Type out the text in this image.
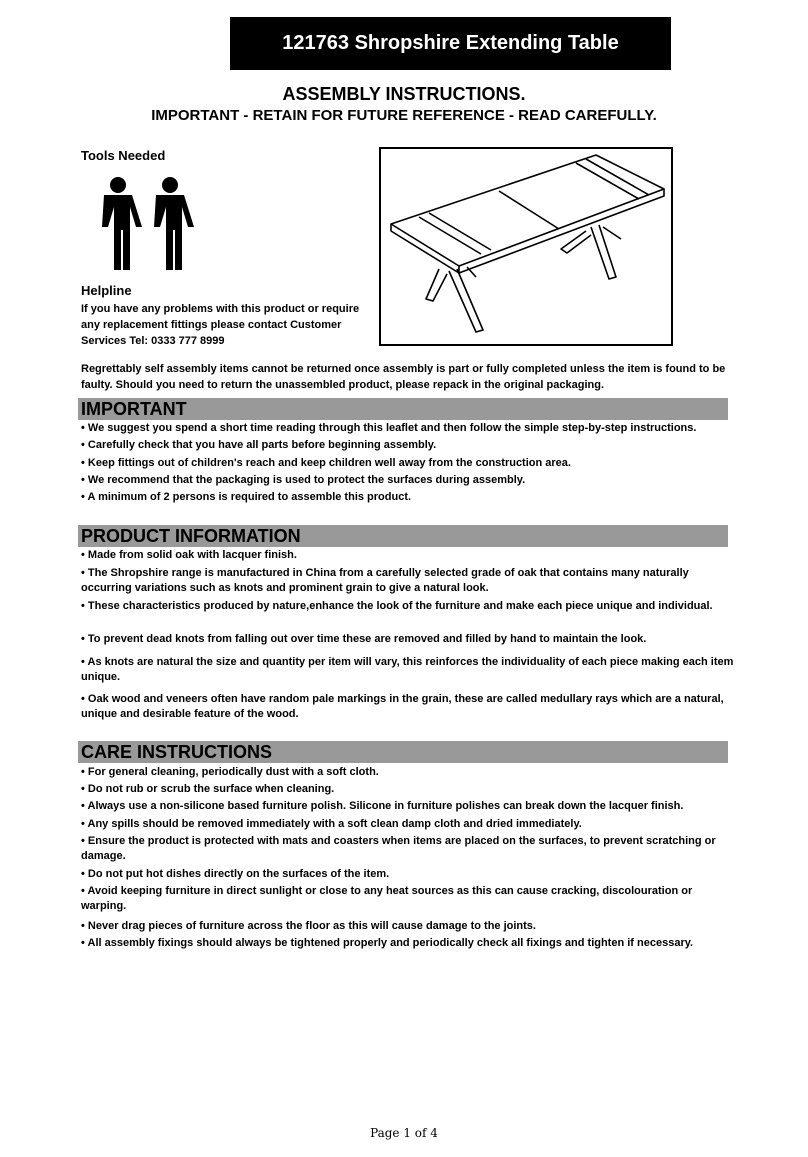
121763 Shropshire Extending Table
ASSEMBLY INSTRUCTIONS.
IMPORTANT - RETAIN FOR FUTURE REFERENCE - READ CAREFULLY.
Tools Needed
Helpline
If you have any problems with this product or require any replacement fittings please contact Customer Services Tel: 0333 777 8999
Regrettably self assembly items cannot be returned once assembly is part or fully completed unless the item is found to be faulty. Should you need to return the unassembled product, please repack in the original packaging.
IMPORTANT
• We suggest you spend a short time reading through this leaflet and then follow the simple step-by-step instructions.
• Carefully check that you have all parts before beginning assembly.
• Keep fittings out of children's reach and keep children well away from the construction area.
• We recommend that the packaging is used to protect the surfaces during assembly.
• A minimum of 2 persons is required to assemble this product.
PRODUCT INFORMATION
• Made from solid oak with lacquer finish.
• The Shropshire range is manufactured in China from a carefully selected grade of oak that contains many naturally occurring variations such as knots and prominent grain to give a natural look.
• These characteristics produced by nature,enhance the look of the furniture and make each piece unique and individual.
• To prevent dead knots from falling out over time these are removed and filled by hand to maintain the look.
• As knots are natural the size and quantity per item will vary, this reinforces the individuality of each piece making each item unique.
• Oak wood and veneers often have random pale markings in the grain, these are called medullary rays which are a natural, unique and desirable feature of the wood.
CARE INSTRUCTIONS
• For general cleaning, periodically dust with a soft cloth.
• Do not rub or scrub the surface when cleaning.
• Always use a non-silicone based furniture polish. Silicone in furniture polishes can break down the lacquer finish.
• Any spills should be removed immediately with a soft clean damp cloth and dried immediately.
• Ensure the product is protected with mats and coasters when items are placed on the surfaces, to prevent scratching or damage.
• Do not put hot dishes directly on the surfaces of the item.
• Avoid keeping furniture in direct sunlight or close to any heat sources as this can cause cracking, discolouration or warping.
• Never drag pieces of furniture across the floor as this will cause damage to the joints.
• All assembly fixings should always be tightened properly and periodically check all fixings and tighten if necessary.
Page 1 of 4
